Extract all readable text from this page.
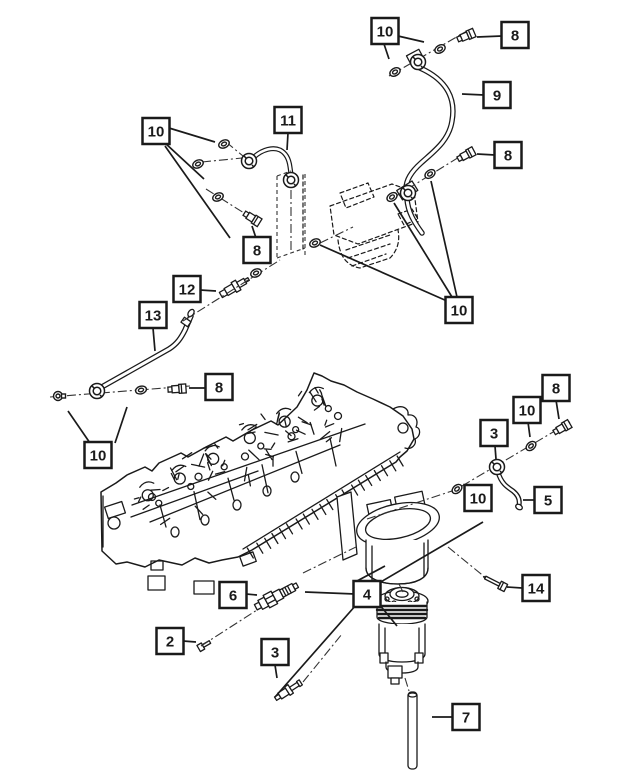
10	8
9
8
11
10
8
12
13
8
10
10
8
10
3
10	5
6	4
2
3
14
7
